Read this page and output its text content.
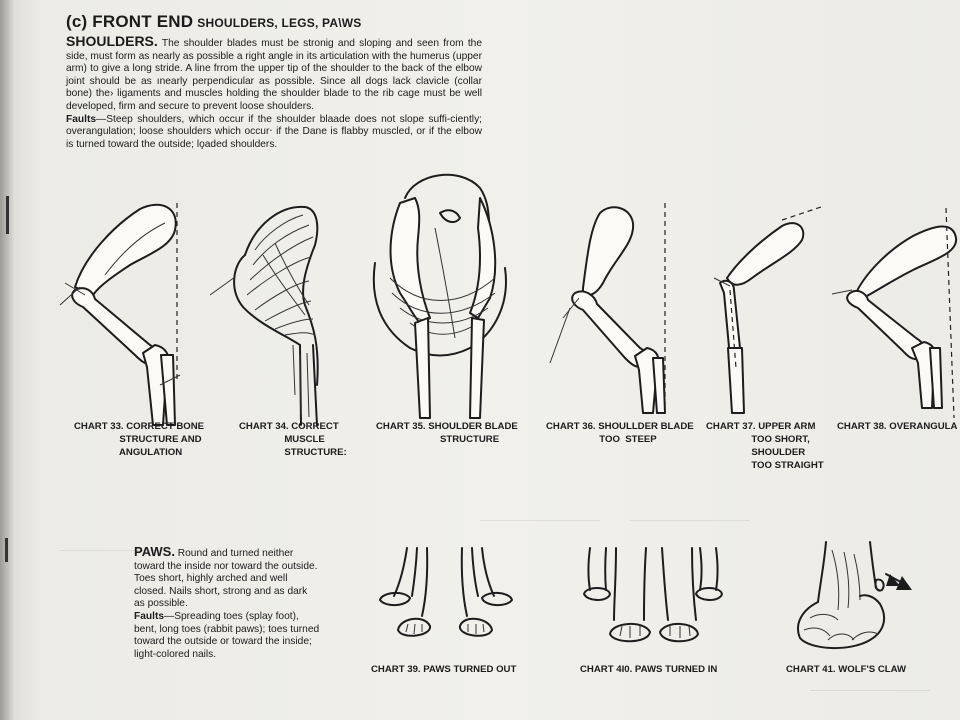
(c) FRONT END SHOULDERS, LEGS, PA\WS
SHOULDERS. The shoulder blades must be stronig and sloping and seen from the side, must form as nearly as possible a right angle in its articulation with the humerus (upper arm) to give a long stride. A line frrom the upper tip of the shoulder to the back of the elbow joint should be as ınearly perpendicular as possible. Since all dogs lack clavicle (collar bone) the› ligaments and muscles holding the shoulder blade to the rib cage must be well developed, firm and secure to prevent loose shoulders.
Faults—Steep shoulders, which occur if the shoulder blaade does not slope suffi-ciently; overangulation; loose shoulders which occur‧ if the Dane is flabby muscled, or if the elbow is turned toward the outside; lo̧aded shoulders.
CHART 33. CORRECT BONE
STRUCTURE AND
ANGULATION
CHART 34. CORRECT
MUSCLE
STRUCTURE:
CHART 35. SHOULDER BLADE
STRUCTURE
CHART 36. SHOULLDER BLADE
TOO  STEEP
CHART 37. UPPER ARM
TOO SHORT,
SHOULDER
TOO STRAIGHT
CHART 38. OVERANGULA
PAWS. Round and turned neither toward the inside nor toward the outside. Toes short, highly arched and well closed. Nails short, strong and as dark as possible.
Faults—Spreading toes (splay foot), bent, long toes (rabbit paws); toes turned toward the outside or toward the inside; light-colored nails.
CHART 39. PAWS TURNED OUT	CHART 4I0. PAWS TURNED IN	CHART 41. WOLF'S CLAW
